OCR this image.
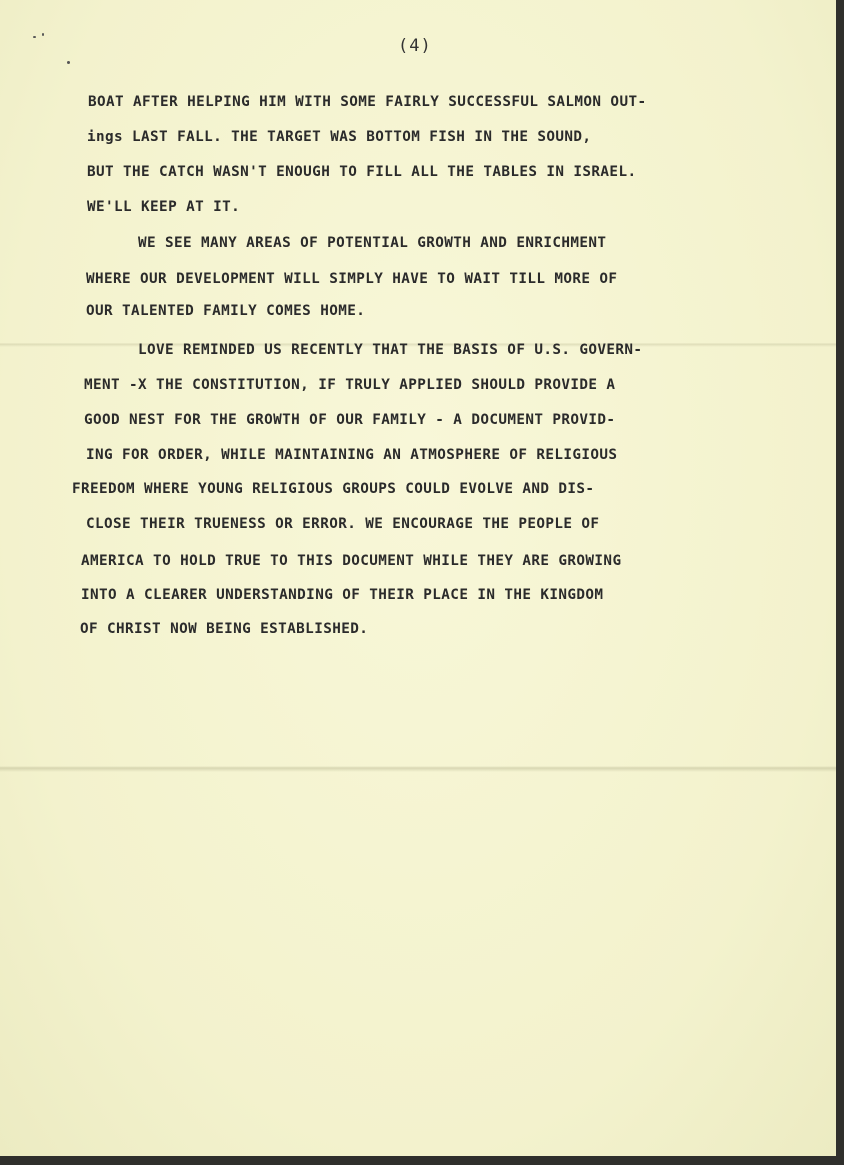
(4)
BOAT AFTER HELPING HIM WITH SOME FAIRLY SUCCESSFUL SALMON OUT-
ings LAST FALL. THE TARGET WAS BOTTOM FISH IN THE SOUND,
BUT THE CATCH WASN'T ENOUGH TO FILL ALL THE TABLES IN ISRAEL.
WE'LL KEEP AT IT.
WE SEE MANY AREAS OF POTENTIAL GROWTH AND ENRICHMENT
WHERE OUR DEVELOPMENT WILL SIMPLY HAVE TO WAIT TILL MORE OF
OUR TALENTED FAMILY COMES HOME.
LOVE REMINDED US RECENTLY THAT THE BASIS OF U.S. GOVERN-
MENT -X THE CONSTITUTION, IF TRULY APPLIED SHOULD PROVIDE A
GOOD NEST FOR THE GROWTH OF OUR FAMILY - A DOCUMENT PROVID-
ING FOR ORDER, WHILE MAINTAINING AN ATMOSPHERE OF RELIGIOUS
FREEDOM WHERE YOUNG RELIGIOUS GROUPS COULD EVOLVE AND DIS-
CLOSE THEIR TRUENESS OR ERROR. WE ENCOURAGE THE PEOPLE OF
AMERICA TO HOLD TRUE TO THIS DOCUMENT WHILE THEY ARE GROWING
INTO A CLEARER UNDERSTANDING OF THEIR PLACE IN THE KINGDOM
OF CHRIST NOW BEING ESTABLISHED.
